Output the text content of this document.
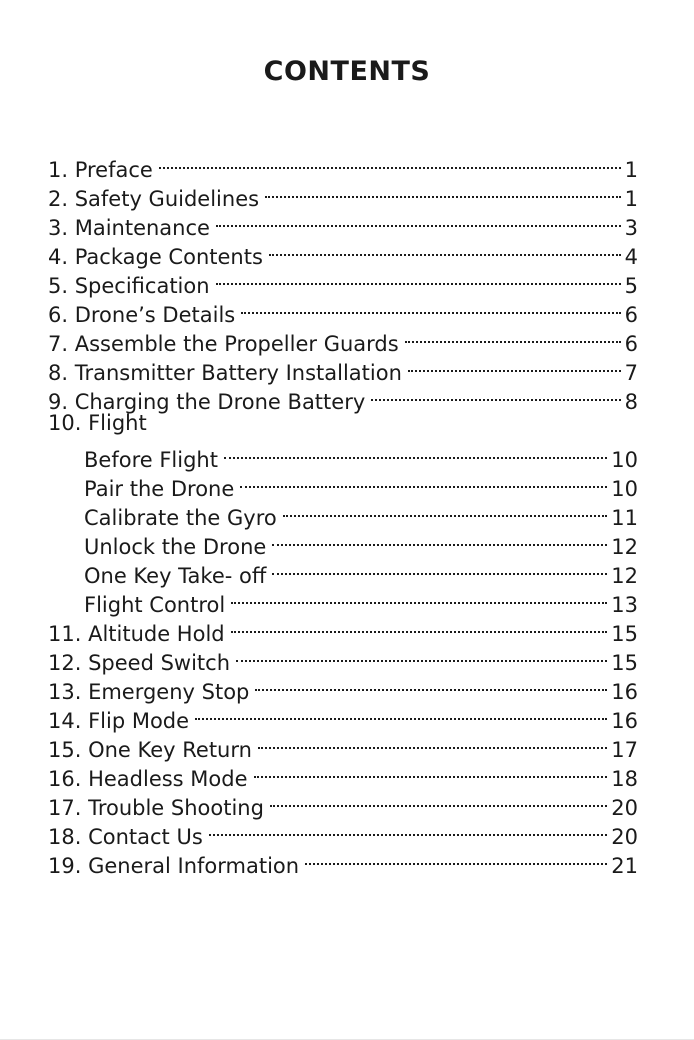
CONTENTS
1. Preface	1
2. Safety Guidelines	1
3. Maintenance	3
4. Package Contents	4
5. Specification	5
6. Drone’s Details	6
7. Assemble the Propeller Guards	6
8. Transmitter Battery Installation	7
9. Charging the Drone Battery	8
10. Flight
Before Flight	10
Pair the Drone	10
Calibrate the Gyro	11
Unlock the Drone	12
One Key Take- off	12
Flight Control	13
11. Altitude Hold	15
12. Speed Switch	15
13. Emergeny Stop	16
14. Flip Mode	16
15. One Key Return	17
16. Headless Mode	18
17. Trouble Shooting	20
18. Contact Us	20
19. General Information	21
